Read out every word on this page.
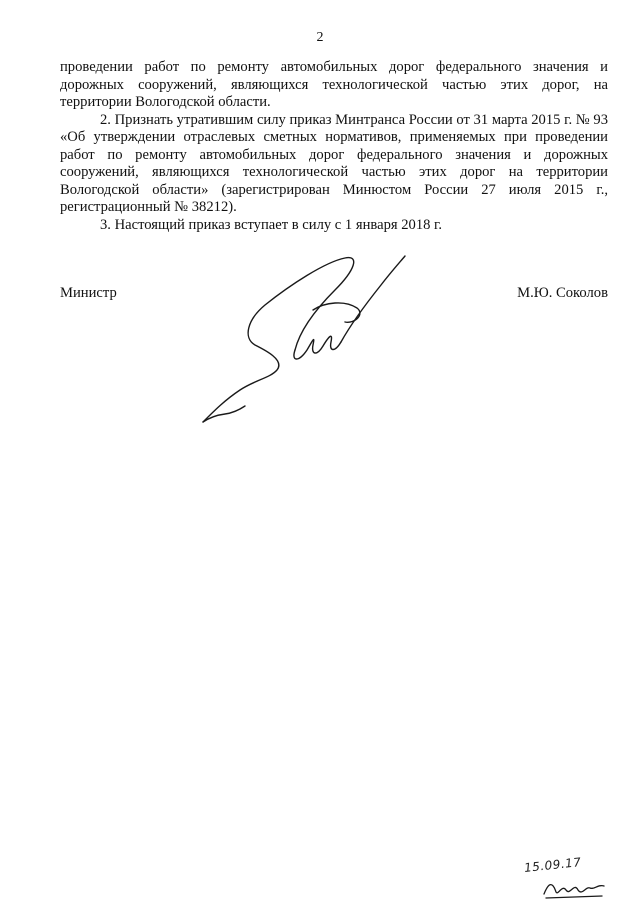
2

проведении работ по ремонту автомобильных дорог федерального значения и дорожных сооружений, являющихся технологической частью этих дорог, на территории Вологодской области.

2. Признать утратившим силу приказ Минтранса России от 31 марта 2015 г. № 93 «Об утверждении отраслевых сметных нормативов, применяемых при проведении работ по ремонту автомобильных дорог федерального значения и дорожных сооружений, являющихся технологической частью этих дорог на территории Вологодской области» (зарегистрирован Минюстом России 27 июля 2015 г., регистрационный № 38212).

3. Настоящий приказ вступает в силу с 1 января 2018 г.

Министр	М.Ю. Соколов
15.09.17
